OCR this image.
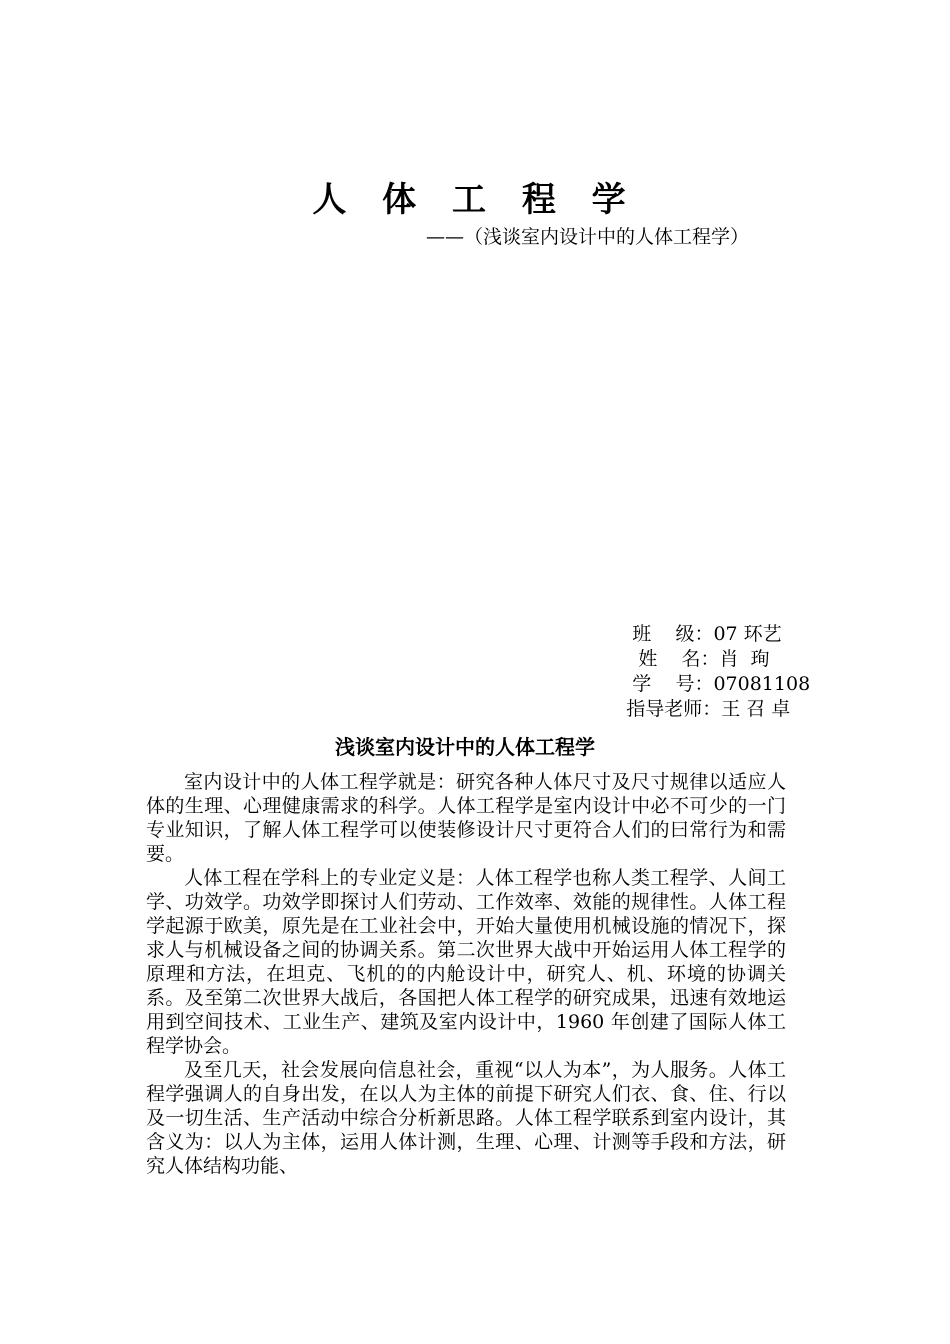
人 体 工 程 学
——（浅谈室内设计中的人体工程学）

班    级：07 环艺

姓    名：肖  珣

学    号：07081108

指导老师：王 召 卓

浅谈室内设计中的人体工程学

室内设计中的人体工程学就是：研究各种人体尺寸及尺寸规律以适应人体的生理、心理健康需求的科学。人体工程学是室内设计中必不可少的一门专业知识，了解人体工程学可以使装修设计尺寸更符合人们的曰常行为和需要。

人体工程在学科上的专业定义是：人体工程学也称人类工程学、人间工学、功效学。功效学即探讨人们劳动、工作效率、效能的规律性。人体工程学起源于欧美，原先是在工业社会中，开始大量使用机械设施的情况下，探求人与机械设备之间的协调关系。第二次世界大战中开始运用人体工程学的原理和方法，在坦克、飞机的的内舱设计中，研究人、机、环境的协调关系。及至第二次世界大战后，各国把人体工程学的研究成果，迅速有效地运用到空间技术、工业生产、建筑及室内设计中，1960 年创建了国际人体工程学协会。

及至几天，社会发展向信息社会，重视“以人为本”，为人服务。人体工程学强调人的自身出发，在以人为主体的前提下研究人们衣、食、住、行以及一切生活、生产活动中综合分析新思路。人体工程学联系到室内设计，其含义为：以人为主体，运用人体计测，生理、心理、计测等手段和方法，研究人体结构功能、
